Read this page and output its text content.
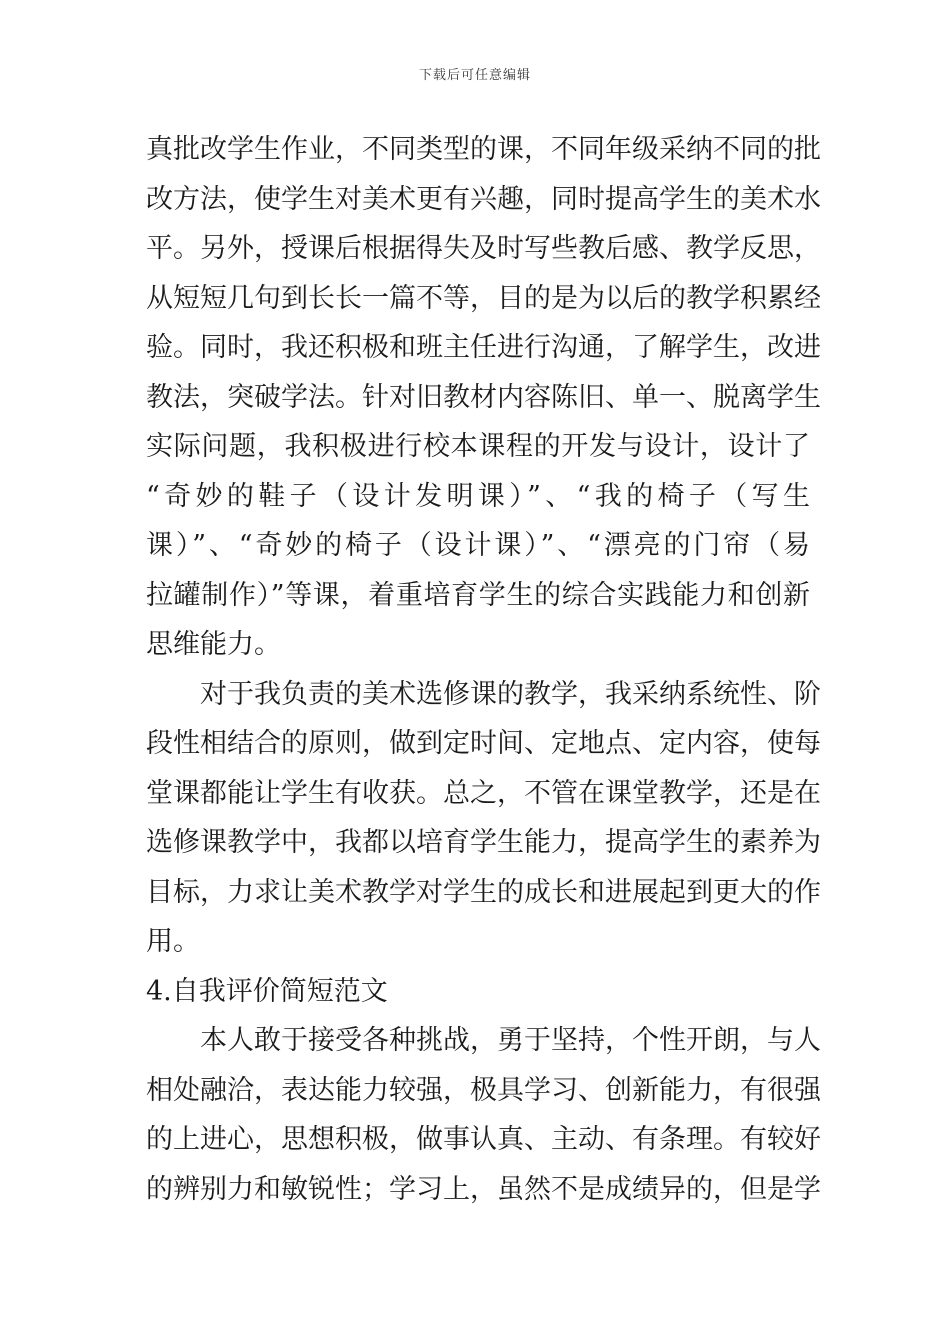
下载后可任意编辑
真批改学生作业，不同类型的课，不同年级采纳不同的批
改方法，使学生对美术更有兴趣，同时提高学生的美术水
平。另外，授课后根据得失及时写些教后感、教学反思，
从短短几句到长长一篇不等，目的是为以后的教学积累经
验。同时，我还积极和班主任进行沟通，了解学生，改进
教法，突破学法。针对旧教材内容陈旧、单一、脱离学生
实际问题，我积极进行校本课程的开发与设计，设计了
“奇妙的鞋子（设计发明课）”、“我的椅子（写生
课）”、“奇妙的椅子（设计课）”、“漂亮的门帘（易
拉罐制作）”等课，着重培育学生的综合实践能力和创新
思维能力。
　　对于我负责的美术选修课的教学，我采纳系统性、阶
段性相结合的原则，做到定时间、定地点、定内容，使每
堂课都能让学生有收获。总之，不管在课堂教学，还是在
选修课教学中，我都以培育学生能力，提高学生的素养为
目标，力求让美术教学对学生的成长和进展起到更大的作
用。
4.自我评价简短范文
　　本人敢于接受各种挑战，勇于坚持，个性开朗，与人
相处融洽，表达能力较强，极具学习、创新能力，有很强
的上进心，思想积极，做事认真、主动、有条理。有较好
的辨别力和敏锐性；学习上，虽然不是成绩异的，但是学
